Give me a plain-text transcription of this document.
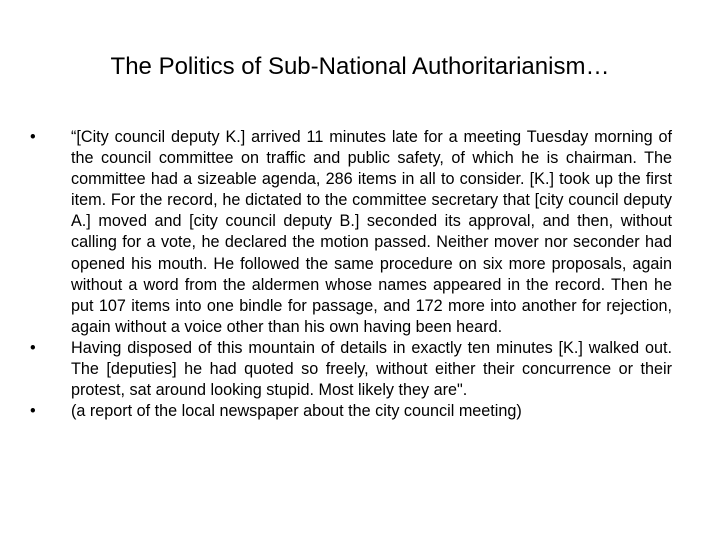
The Politics of Sub-National Authoritarianism…
•	“[City council deputy K.] arrived 11 minutes late for a meeting Tuesday morning of the council committee on traffic and public safety, of which he is chairman. The committee had a sizeable agenda, 286 items in all to consider. [K.] took up the first item. For the record, he dictated to the committee secretary that [city council deputy A.] moved and [city council deputy B.] seconded its approval, and then, without calling for a vote, he declared the motion passed. Neither mover nor seconder had opened his mouth. He followed the same procedure on six more proposals, again without a word from the aldermen whose names appeared in the record. Then he put 107 items into one bindle for passage, and 172 more into another for rejection, again without a voice other than his own having been heard.
•	Having disposed of this mountain of details in exactly ten minutes [K.] walked out. The [deputies] he had quoted so freely, without either their concurrence or their protest, sat around looking stupid. Most likely they are".
•	(a report of the local newspaper about the city council meeting)
